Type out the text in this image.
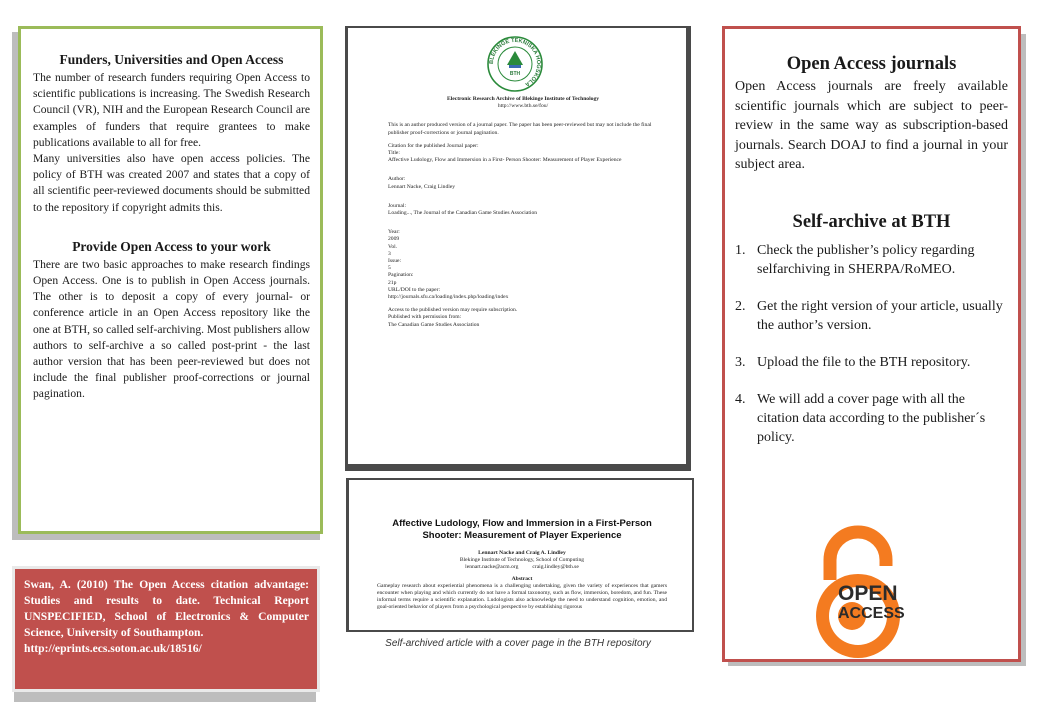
Funders, Universities and Open Access

The number of research funders requiring Open Access to scientific publications is increasing. The Swedish Research Council (VR), NIH and the European Research Council are examples of funders that require grantees to make publications available to all for free.

Many universities also have open access policies. The policy of BTH was created 2007 and states that a copy of all scientific peer-reviewed documents should be submitted to the repository if copyright admits this.

Provide Open Access to your work

There are two basic approaches to make research findings Open Access. One is to publish in Open Access journals. The other is to deposit a copy of every journal- or conference article in an Open Access repository like the one at BTH, so called self-archiving. Most publishers allow authors to self-archive a so called post-print - the last author version that has been peer-reviewed but does not include the final publisher proof-corrections or journal pagination.

Swan, A. (2010) The Open Access citation advantage: Studies and results to date. Technical Report UNSPECIFIED, School of Electronics & Computer Science, University of Southampton.

http://eprints.ecs.soton.ac.uk/18516/

BLEKINGE TEKNISKA HÖGSKOLA
BTH

Electronic Research Archive of Blekinge Institute of Technology

http://www.bth.se/fou/

This is an author produced version of a journal paper. The paper has been peer-reviewed but may not include the final publisher proof-corrections or journal pagination.

Citation for the published Journal paper:

Title:

Affective Ludology, Flow and Immersion in a First- Person Shooter: Measurement of Player Experience

Author:

Lennart Nacke, Craig Lindley

Journal:

Loading..., The Journal of the Canadian Game Studies Association

Year:

2009

Vol.

3

Issue:

5

Pagination:

21p

URL/DOI to the paper:

http://journals.sfu.ca/loading/index.php/loading/index

Access to the published version may require subscription.

Published with permission from:

The Canadian Game Studies Association

Affective Ludology, Flow and Immersion in a First-Person Shooter: Measurement of Player Experience

Lennart Nacke and Craig A. Lindley

Blekinge Institute of Technology, School of Computing

lennart.nacke@acm.org          craig.lindley@bth.se

Abstract

Gameplay research about experiential phenomena is a challenging undertaking, given the variety of experiences that gamers encounter when playing and which currently do not have a formal taxonomy, such as flow, immersion, boredom, and fun. These informal terms require a scientific explanation. Ludologists also acknowledge the need to understand cognition, emotion, and goal-oriented behavior of players from a psychological perspective by establishing rigorous

Self-archived article with a cover page in the BTH repository
Open Access journals

Open Access journals are freely available scientific journals which are subject to peer-review in the same way as subscription-based journals. Search DOAJ to find a journal in your subject area.

Self-archive at BTH
1. Check the publisher’s policy regarding selfarchiving in SHERPA/RoMEO.
2. Get the right version of your article, usually the author’s version.
3. Upload the file to the BTH repository.
4. We will add a cover page with all the citation data according to the publisher´s policy.
OPEN
ACCESS
